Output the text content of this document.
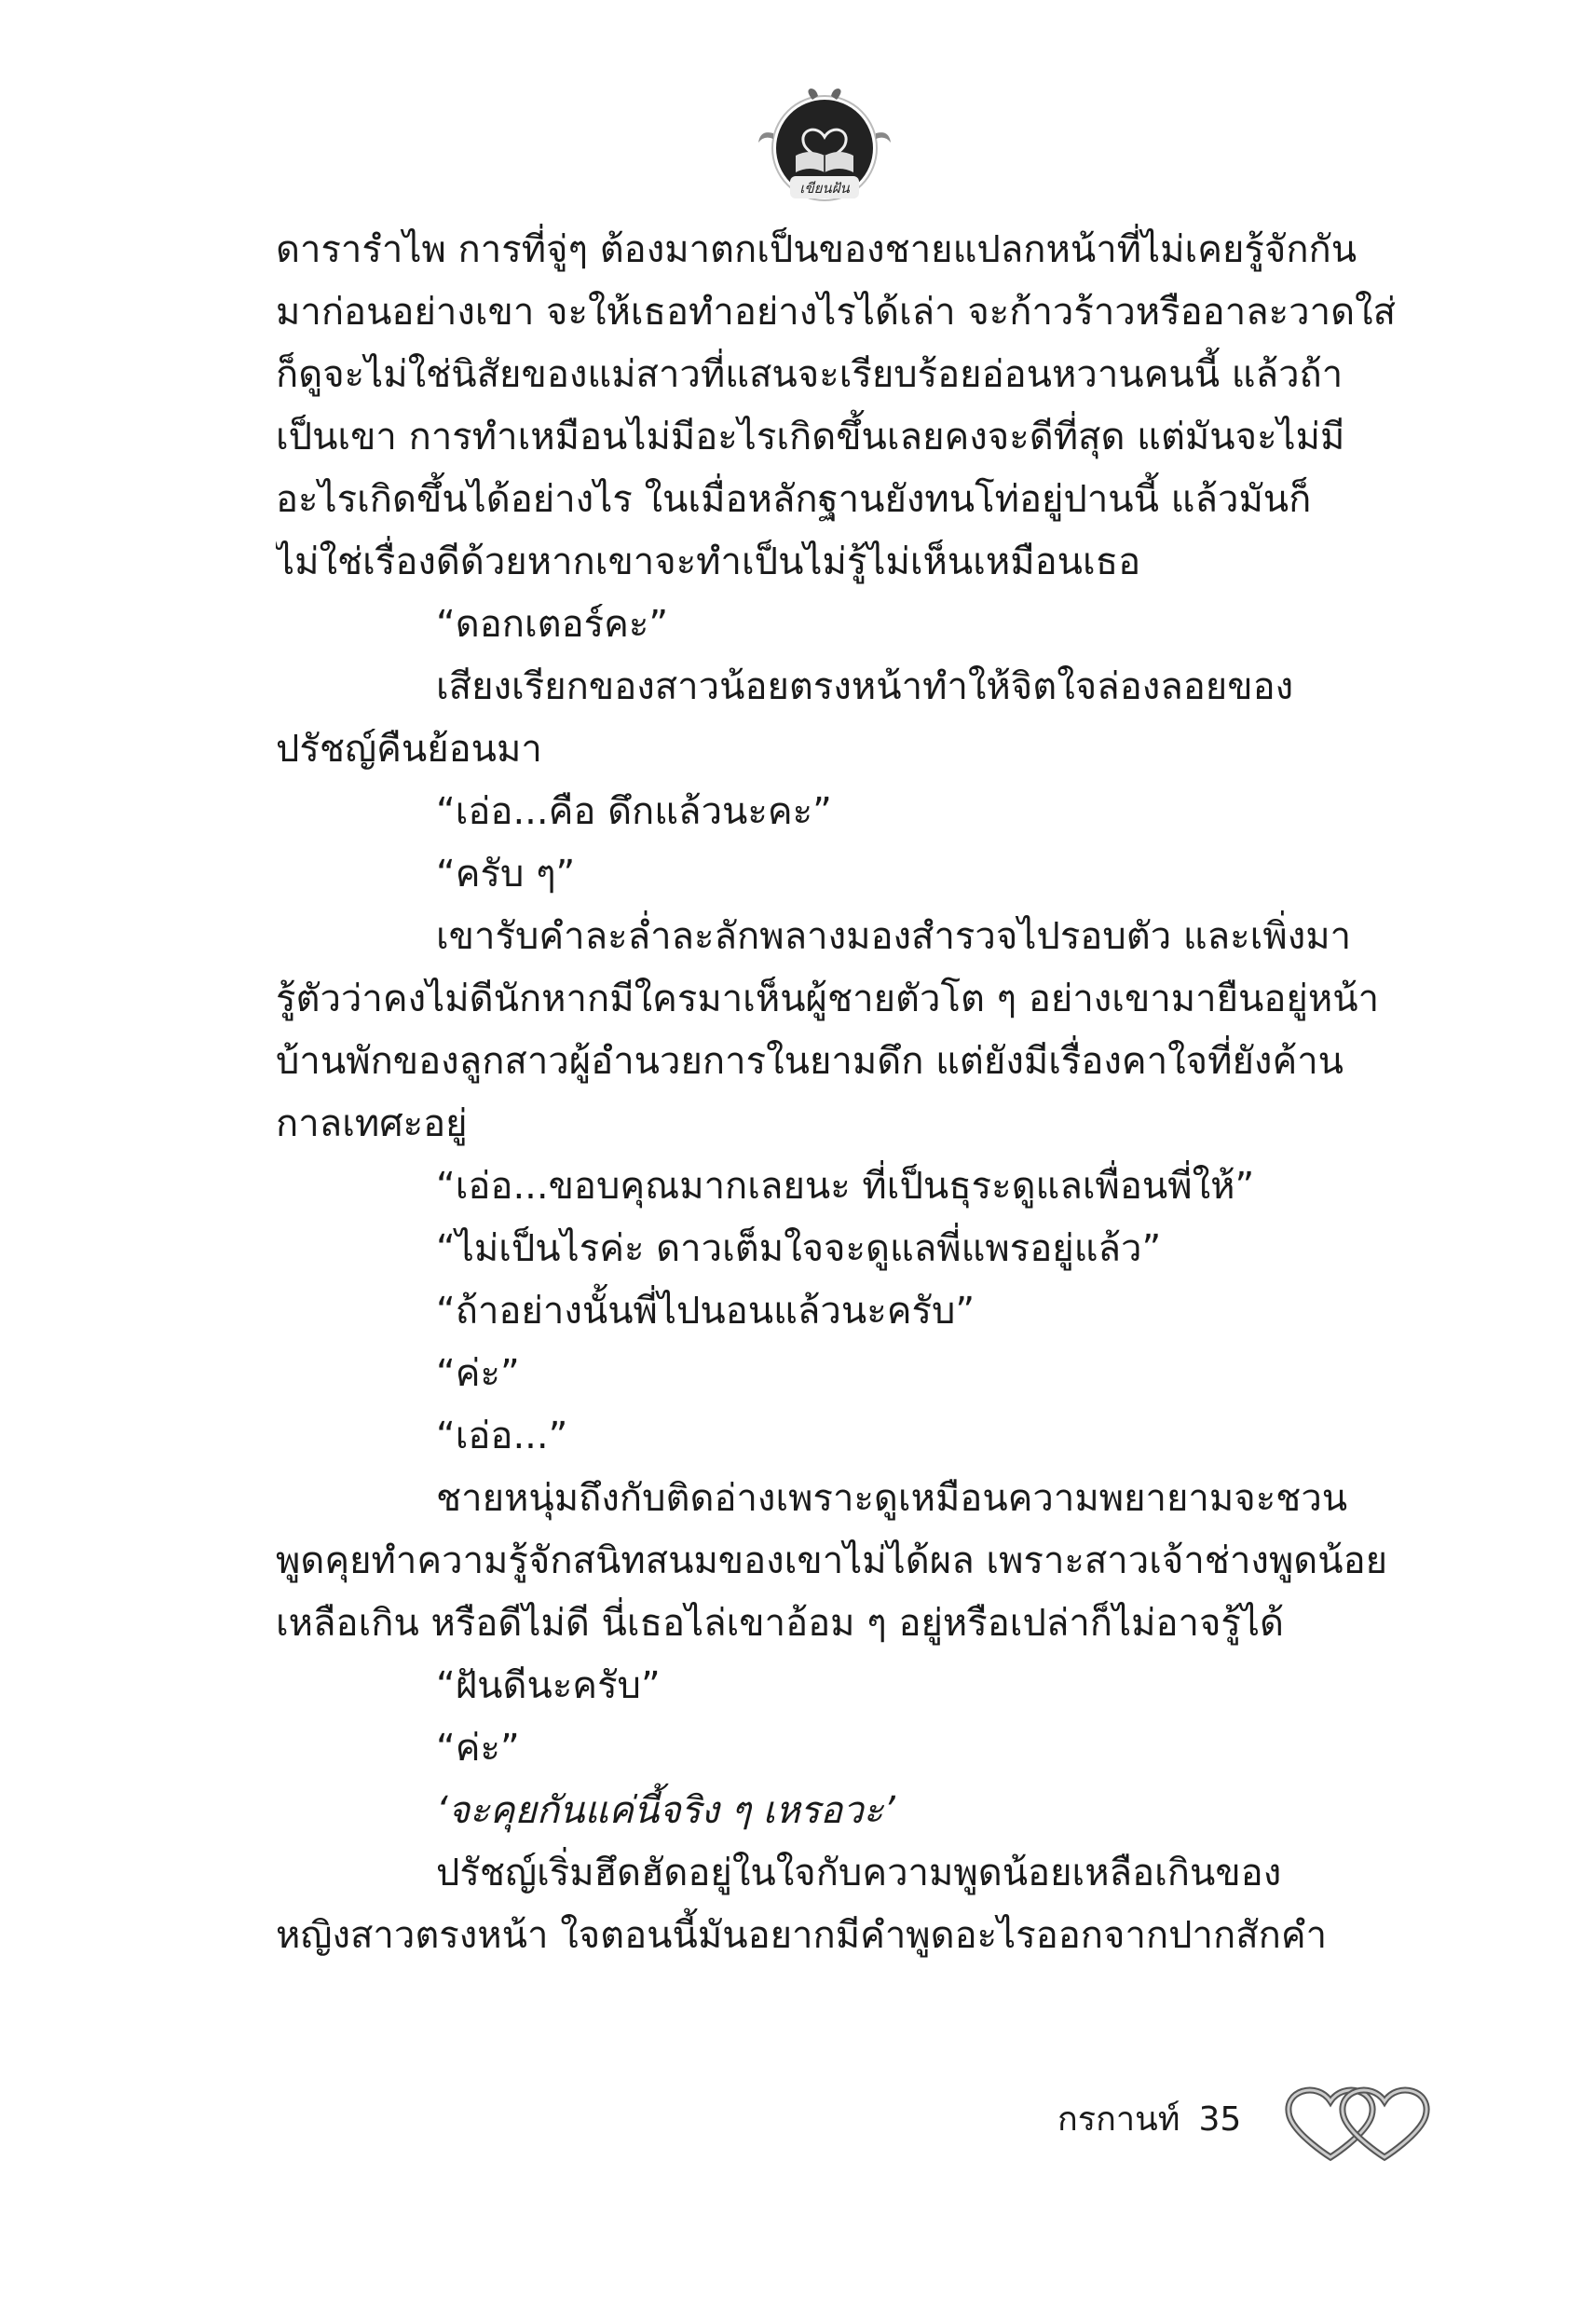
เขียนฝัน
ดารารำไพ การที่จู่ๆ ต้องมาตกเป็นของชายแปลกหน้าที่ไม่เคยรู้จักกัน
มาก่อนอย่างเขา จะให้เธอทำอย่างไรได้เล่า จะก้าวร้าวหรืออาละวาดใส่
ก็ดูจะไม่ใช่นิสัยของแม่สาวที่แสนจะเรียบร้อยอ่อนหวานคนนี้ แล้วถ้า
เป็นเขา การทำเหมือนไม่มีอะไรเกิดขึ้นเลยคงจะดีที่สุด แต่มันจะไม่มี
อะไรเกิดขึ้นได้อย่างไร ในเมื่อหลักฐานยังทนโท่อยู่ปานนี้ แล้วมันก็
ไม่ใช่เรื่องดีด้วยหากเขาจะทำเป็นไม่รู้ไม่เห็นเหมือนเธอ
“ดอกเตอร์คะ”
เสียงเรียกของสาวน้อยตรงหน้าทำให้จิตใจล่องลอยของ
ปรัชญ์คืนย้อนมา
“เอ่อ...คือ ดึกแล้วนะคะ”
“ครับ ๆ”
เขารับคำละล่ำละลักพลางมองสำรวจไปรอบตัว และเพิ่งมา
รู้ตัวว่าคงไม่ดีนักหากมีใครมาเห็นผู้ชายตัวโต ๆ อย่างเขามายืนอยู่หน้า
บ้านพักของลูกสาวผู้อำนวยการในยามดึก แต่ยังมีเรื่องคาใจที่ยังค้าน
กาลเทศะอยู่
“เอ่อ...ขอบคุณมากเลยนะ ที่เป็นธุระดูแลเพื่อนพี่ให้”
“ไม่เป็นไรค่ะ ดาวเต็มใจจะดูแลพี่แพรอยู่แล้ว”
“ถ้าอย่างนั้นพี่ไปนอนแล้วนะครับ”
“ค่ะ”
“เอ่อ...”
ชายหนุ่มถึงกับติดอ่างเพราะดูเหมือนความพยายามจะชวน
พูดคุยทำความรู้จักสนิทสนมของเขาไม่ได้ผล เพราะสาวเจ้าช่างพูดน้อย
เหลือเกิน หรือดีไม่ดี นี่เธอไล่เขาอ้อม ๆ อยู่หรือเปล่าก็ไม่อาจรู้ได้
“ฝันดีนะครับ”
“ค่ะ”
‘จะคุยกันแค่นี้จริง ๆ เหรอวะ’
ปรัชญ์เริ่มฮึดฮัดอยู่ในใจกับความพูดน้อยเหลือเกินของ
หญิงสาวตรงหน้า ใจตอนนี้มันอยากมีคำพูดอะไรออกจากปากสักคำ
กรกานท์ 35
